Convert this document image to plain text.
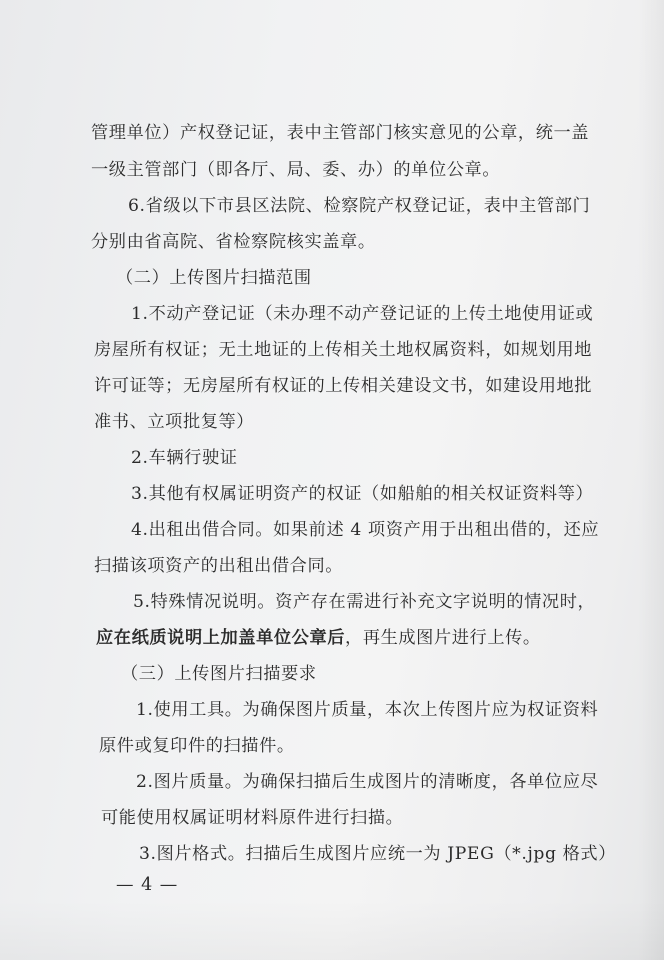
管理单位）产权登记证，表中主管部门核实意见的公章，统一盖
一级主管部门（即各厅、局、委、办）的单位公章。
6.省级以下市县区法院、检察院产权登记证，表中主管部门
分别由省高院、省检察院核实盖章。
（二）上传图片扫描范围
1.不动产登记证（未办理不动产登记证的上传土地使用证或
房屋所有权证；无土地证的上传相关土地权属资料，如规划用地
许可证等；无房屋所有权证的上传相关建设文书，如建设用地批
准书、立项批复等）
2.车辆行驶证
3.其他有权属证明资产的权证（如船舶的相关权证资料等）
4.出租出借合同。如果前述 4 项资产用于出租出借的，还应
扫描该项资产的出租出借合同。
5.特殊情况说明。资产存在需进行补充文字说明的情况时，
应在纸质说明上加盖单位公章后，再生成图片进行上传。
（三）上传图片扫描要求
1.使用工具。为确保图片质量，本次上传图片应为权证资料
原件或复印件的扫描件。
2.图片质量。为确保扫描后生成图片的清晰度，各单位应尽
可能使用权属证明材料原件进行扫描。
3.图片格式。扫描后生成图片应统一为 JPEG（*.jpg 格式）
— 4 —
